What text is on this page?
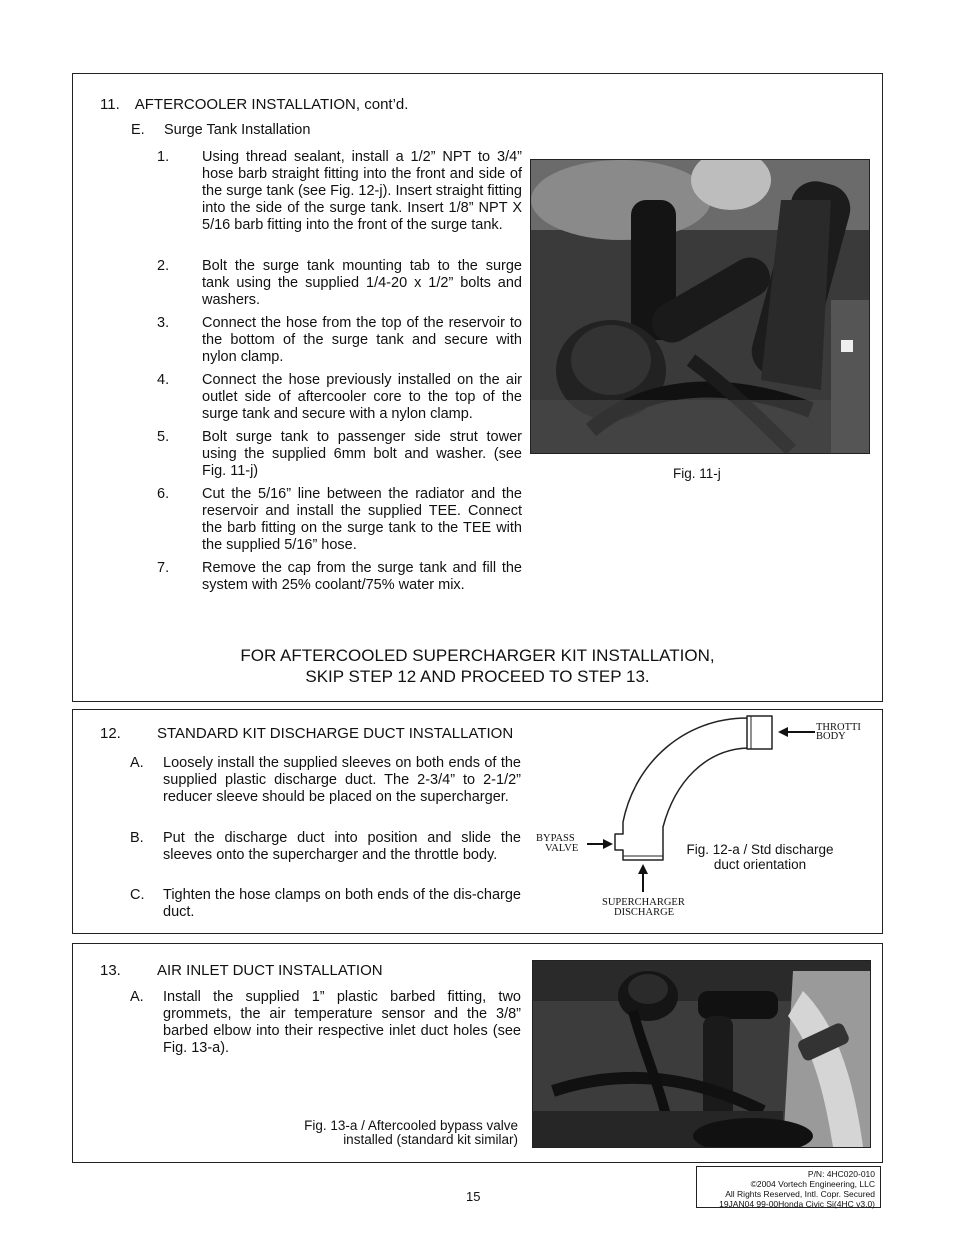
11. AFTERCOOLER INSTALLATION, cont’d.
E. Surge Tank Installation
1. Using thread sealant, install a 1/2” NPT to 3/4” hose barb straight fitting into the front and side of the surge tank (see Fig. 12-j). Insert straight fitting into the side of the surge tank. Insert 1/8” NPT X 5/16 barb fitting into the front of the surge tank.
2. Bolt the surge tank mounting tab to the surge tank using the supplied 1/4-20 x 1/2” bolts and washers.
3. Connect the hose from the top of the reservoir to the bottom of the surge tank and secure with nylon clamp.
4. Connect the hose previously installed on the air outlet side of aftercooler core to the top of the surge tank and secure with a nylon clamp.
5. Bolt surge tank to passenger side strut tower using the supplied 6mm bolt and washer. (see Fig. 11-j)
6. Cut the 5/16” line between the radiator and the reservoir and install the supplied TEE. Connect the barb fitting on the surge tank to the TEE with the supplied 5/16” hose.
7. Remove the cap from the surge tank and fill the system with 25% coolant/75% water mix.
Fig. 11-j
FOR AFTERCOOLED SUPERCHARGER KIT INSTALLATION,
SKIP STEP 12 AND PROCEED TO STEP 13.
12. STANDARD KIT DISCHARGE DUCT INSTALLATION
A. Loosely install the supplied sleeves on both ends of the supplied plastic discharge duct. The 2-3/4” to 2-1/2” reducer sleeve should be placed on the supercharger.
B. Put the discharge duct into position and slide the sleeves onto the supercharger and the throttle body.
C. Tighten the hose clamps on both ends of the dis-charge duct.
THROTTI
BODY
BYPASS
VALVE
SUPERCHARGER
DISCHARGE
Fig. 12-a / Std discharge
duct orientation
13. AIR INLET DUCT INSTALLATION
A. Install the supplied 1” plastic barbed fitting, two grommets, the air temperature sensor and the 3/8” barbed elbow into their respective inlet duct holes (see Fig. 13-a).
Fig. 13-a / Aftercooled bypass valve
installed (standard kit similar)
15
P/N: 4HC020-010
©2004 Vortech Engineering, LLC
All Rights Reserved, Intl. Copr. Secured
19JAN04 99-00Honda Civic Si(4HC v3.0)
